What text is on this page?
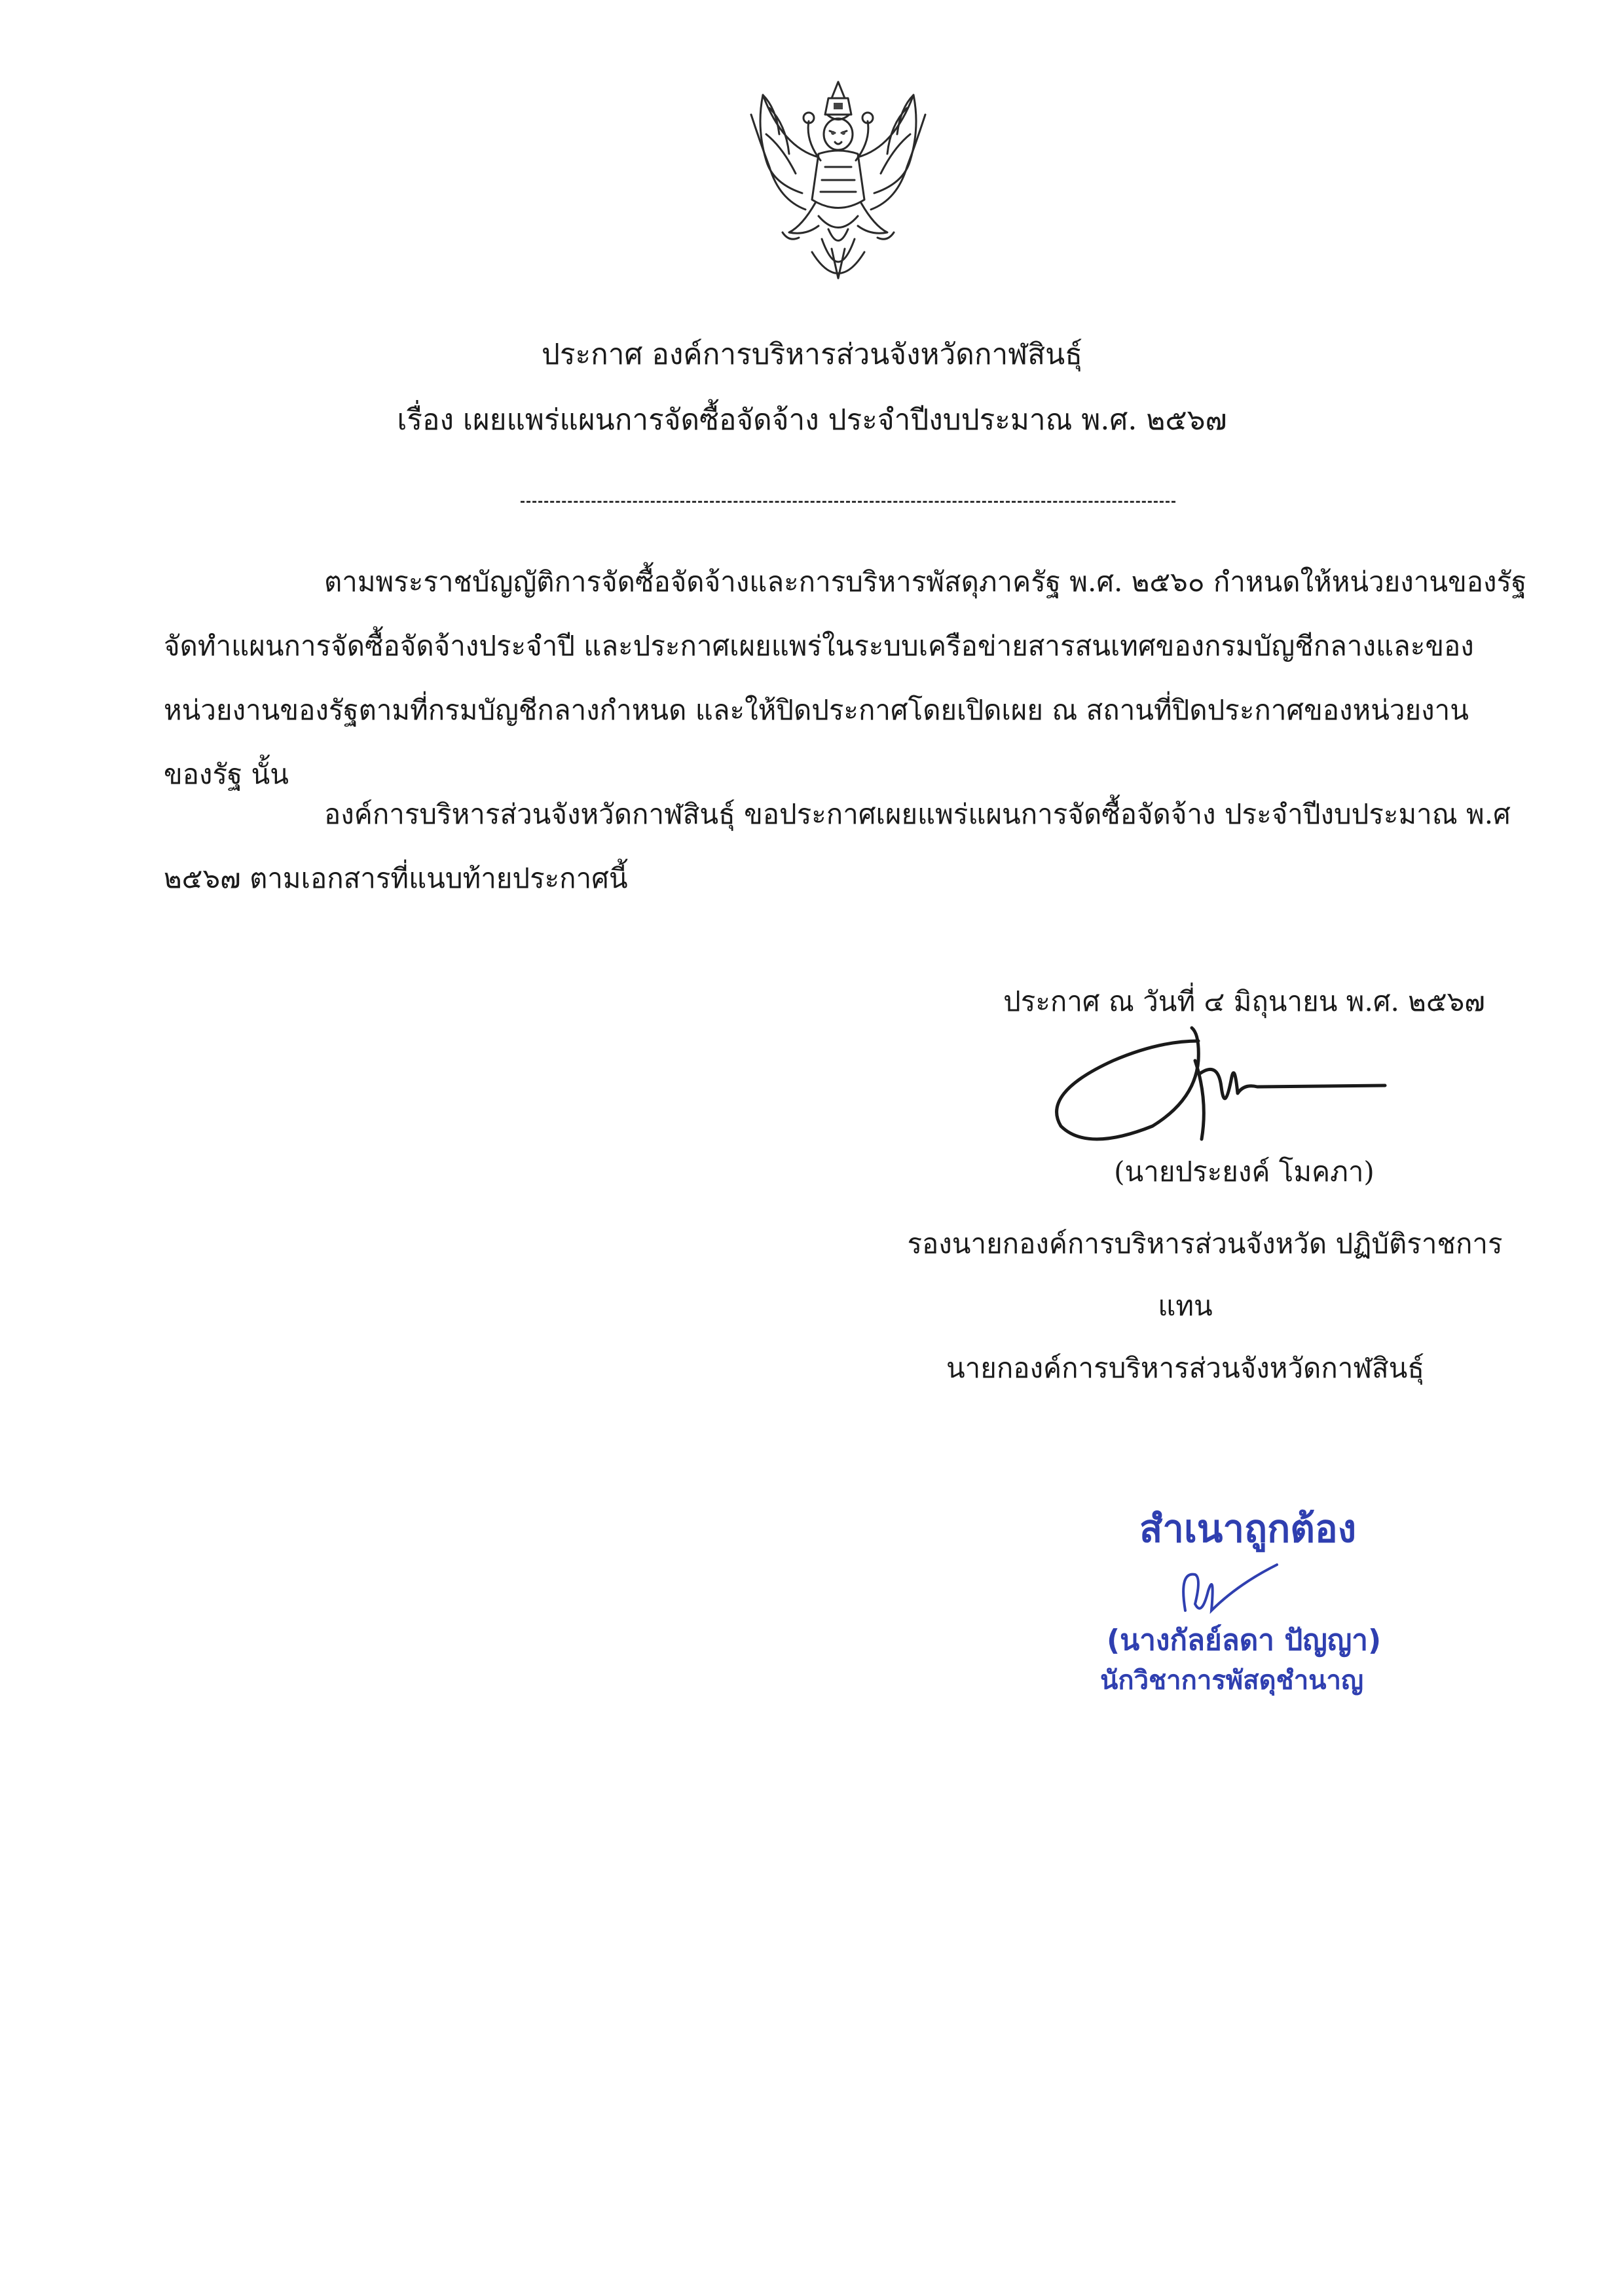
ประกาศ องค์การบริหารส่วนจังหวัดกาฬสินธุ์
เรื่อง เผยแพร่แผนการจัดซื้อจัดจ้าง ประจำปีงบประมาณ พ.ศ. ๒๕๖๗
ตามพระราชบัญญัติการจัดซื้อจัดจ้างและการบริหารพัสดุภาครัฐ พ.ศ. ๒๕๖๐ กำหนดให้หน่วยงานของรัฐ
จัดทำแผนการจัดซื้อจัดจ้างประจำปี และประกาศเผยแพร่ในระบบเครือข่ายสารสนเทศของกรมบัญชีกลางและของ
หน่วยงานของรัฐตามที่กรมบัญชีกลางกำหนด และให้ปิดประกาศโดยเปิดเผย ณ สถานที่ปิดประกาศของหน่วยงาน
ของรัฐ นั้น
องค์การบริหารส่วนจังหวัดกาฬสินธุ์ ขอประกาศเผยแพร่แผนการจัดซื้อจัดจ้าง ประจำปีงบประมาณ พ.ศ
๒๕๖๗ ตามเอกสารที่แนบท้ายประกาศนี้
ประกาศ ณ วันที่ ๔ มิถุนายน พ.ศ. ๒๕๖๗
(นายประยงค์ โมคภา)
รองนายกองค์การบริหารส่วนจังหวัด ปฏิบัติราชการ
แทน
นายกองค์การบริหารส่วนจังหวัดกาฬสินธุ์
สำเนาถูกต้อง
(นางกัลย์ลดา ปัญญา)
นักวิชาการพัสดุชำนาญ
